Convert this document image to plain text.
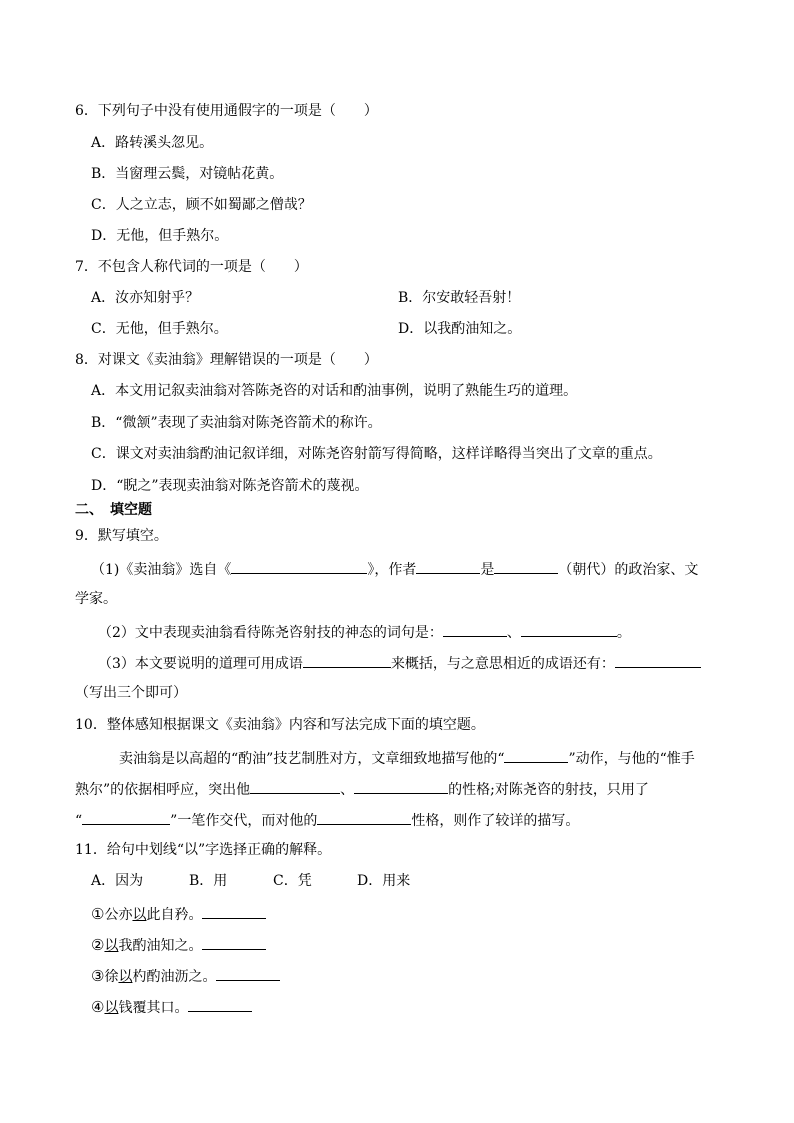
6．下列句子中没有使用通假字的一项是（　　）
A．路转溪头忽见。
B．当窗理云鬓，对镜帖花黄。
C．人之立志，顾不如蜀鄙之僧哉？
D．无他，但手熟尔。
7．不包含人称代词的一项是（　　）
A．汝亦知射乎？	B．尔安敢轻吾射！
C．无他，但手熟尔。	D．以我酌油知之。
8．对课文《卖油翁》理解错误的一项是（　　）
A．本文用记叙卖油翁对答陈尧咨的对话和酌油事例，说明了熟能生巧的道理。
B．“微颔”表现了卖油翁对陈尧咨箭术的称许。
C．课文对卖油翁酌油记叙详细，对陈尧咨射箭写得简略，这样详略得当突出了文章的重点。
D．“睨之”表现卖油翁对陈尧咨箭术的蔑视。
二、　填空题
9．默写填空。
（1)《卖油翁》选自《	》，作者	是	（朝代）的政治家、文
学家。
（2）文中表现卖油翁看待陈尧咨射技的神态的词句是：	、	。
（3）本文要说明的道理可用成语	来概括，与之意思相近的成语还有：
（写出三个即可）
10．整体感知根据课文《卖油翁》内容和写法完成下面的填空题。
卖油翁是以高超的“酌油”技艺制胜对方，文章细致地描写他的“	”动作，与他的“惟手
熟尔”的依据相呼应，突出他	、	的性格;对陈尧咨的射技，只用了
“	”一笔作交代，而对他的	性格，则作了较详的描写。
11．给句中划线“以”字选择正确的解释。
A．因为	B．用	C．凭	D．用来
①公亦以此自矜。
②以我酌油知之。
③徐以杓酌油沥之。
④以钱覆其口。
